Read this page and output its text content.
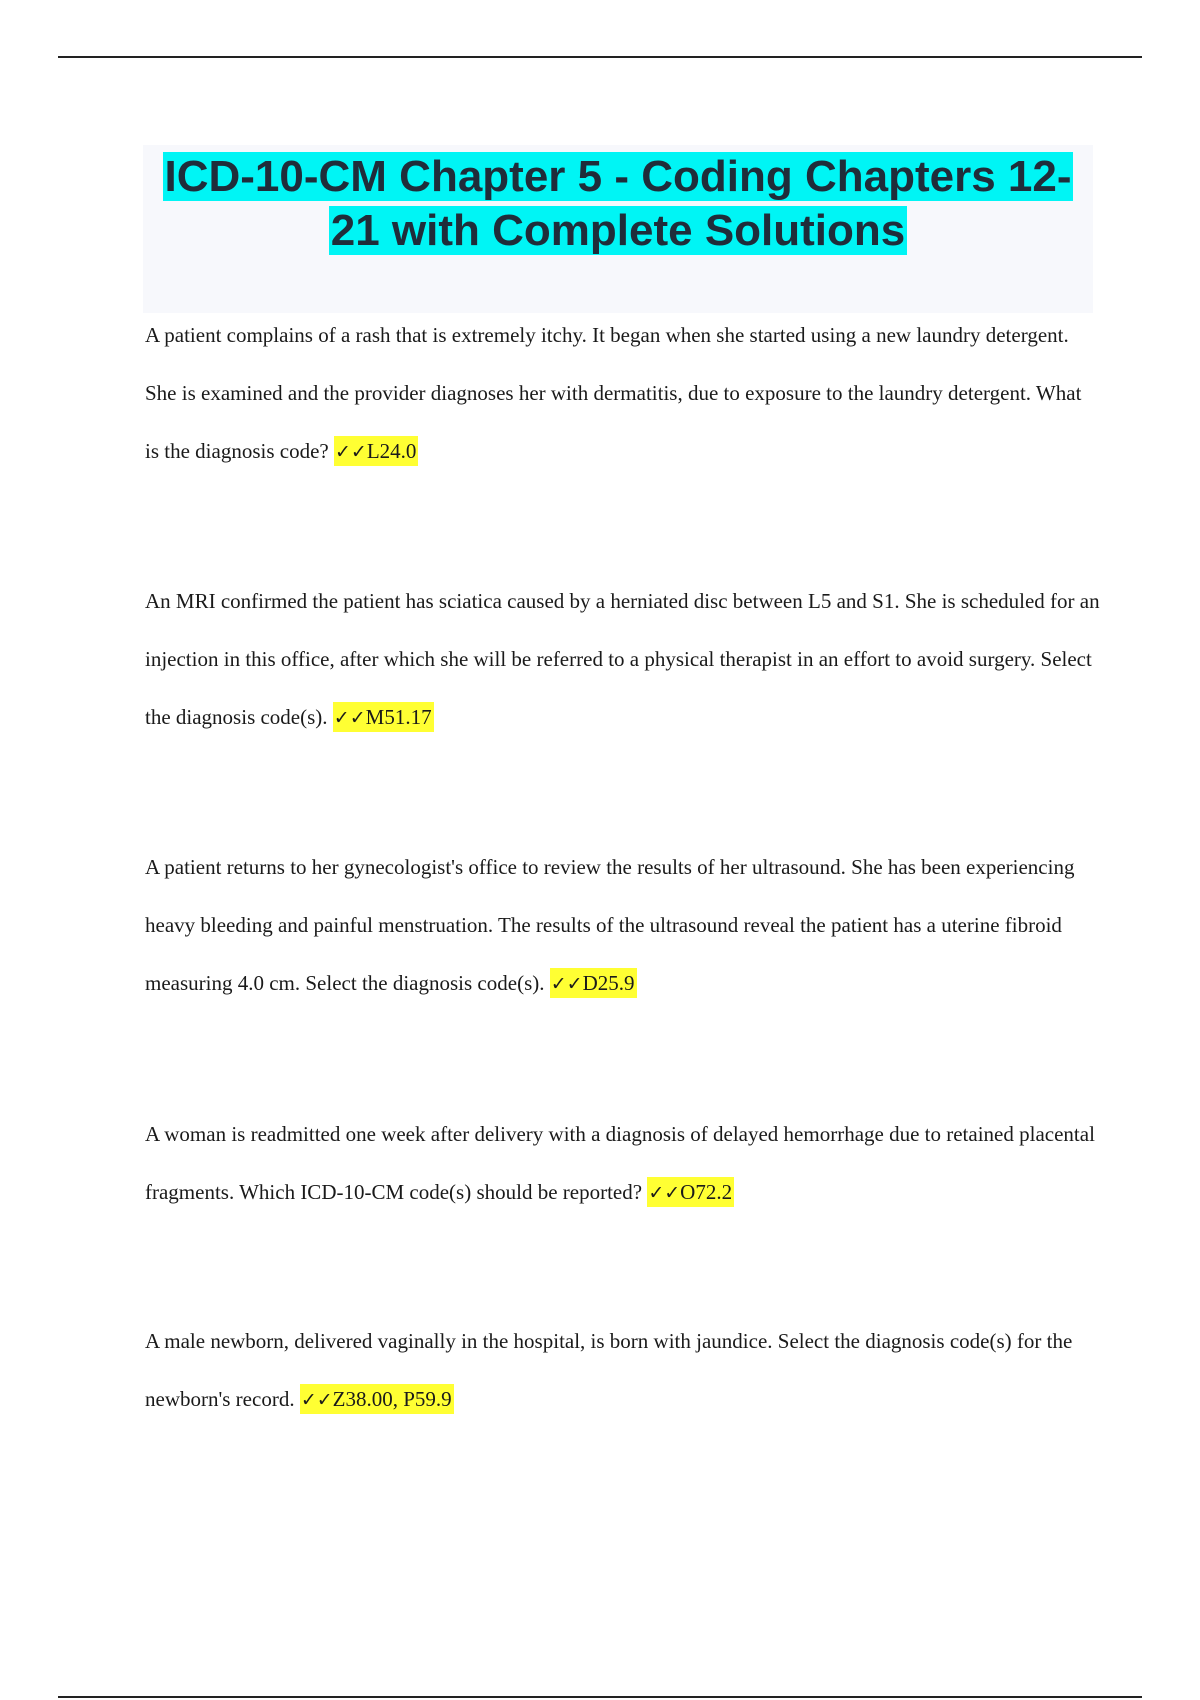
ICD-10-CM Chapter 5 - Coding Chapters 12-21 with Complete Solutions

A patient complains of a rash that is extremely itchy. It began when she started using a new laundry detergent. She is examined and the provider diagnoses her with dermatitis, due to exposure to the laundry detergent. What is the diagnosis code? ✓✓L24.0

An MRI confirmed the patient has sciatica caused by a herniated disc between L5 and S1. She is scheduled for an injection in this office, after which she will be referred to a physical therapist in an effort to avoid surgery. Select the diagnosis code(s). ✓✓M51.17

A patient returns to her gynecologist's office to review the results of her ultrasound. She has been experiencing heavy bleeding and painful menstruation. The results of the ultrasound reveal the patient has a uterine fibroid measuring 4.0 cm. Select the diagnosis code(s). ✓✓D25.9

A woman is readmitted one week after delivery with a diagnosis of delayed hemorrhage due to retained placental fragments. Which ICD-10-CM code(s) should be reported? ✓✓O72.2

A male newborn, delivered vaginally in the hospital, is born with jaundice. Select the diagnosis code(s) for the newborn's record. ✓✓Z38.00, P59.9
